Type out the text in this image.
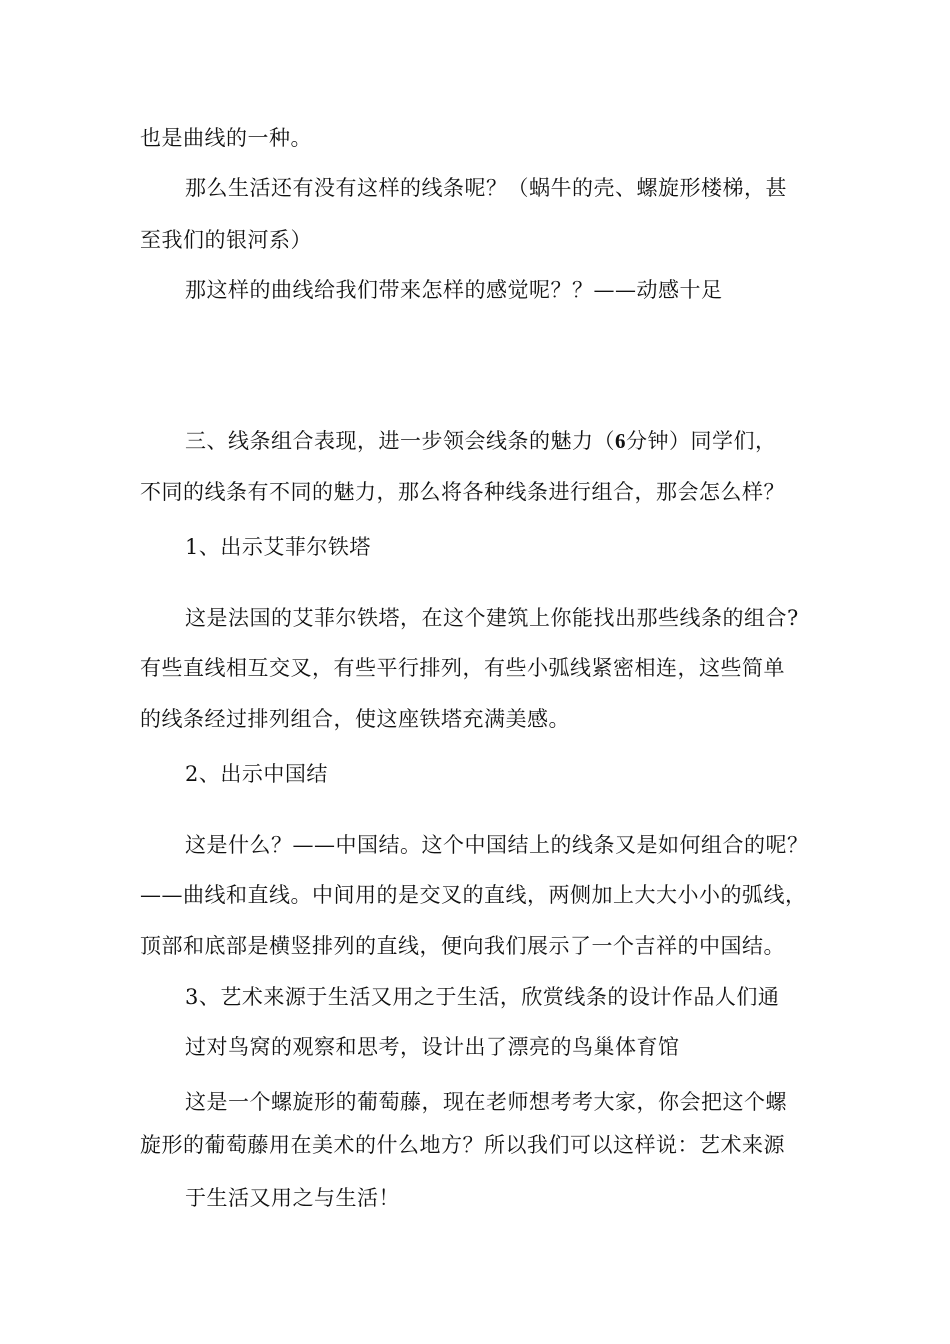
也是曲线的一种。
那么生活还有没有这样的线条呢？（蜗牛的壳、螺旋形楼梯，甚
至我们的银河系）
那这样的曲线给我们带来怎样的感觉呢？？——动感十足
三、线条组合表现，进一步领会线条的魅力（6分钟）同学们，
不同的线条有不同的魅力，那么将各种线条进行组合，那会怎么样？
1、出示艾菲尔铁塔
这是法国的艾菲尔铁塔，在这个建筑上你能找出那些线条的组合?
有些直线相互交叉，有些平行排列，有些小弧线紧密相连，这些简单
的线条经过排列组合，使这座铁塔充满美感。
2、出示中国结
这是什么？——中国结。这个中国结上的线条又是如何组合的呢？
——曲线和直线。中间用的是交叉的直线，两侧加上大大小小的弧线，
顶部和底部是横竖排列的直线，便向我们展示了一个吉祥的中国结。
3、艺术来源于生活又用之于生活，欣赏线条的设计作品人们通
过对鸟窝的观察和思考，设计出了漂亮的鸟巢体育馆
这是一个螺旋形的葡萄藤，现在老师想考考大家，你会把这个螺
旋形的葡萄藤用在美术的什么地方？所以我们可以这样说：艺术来源
于生活又用之与生活！
